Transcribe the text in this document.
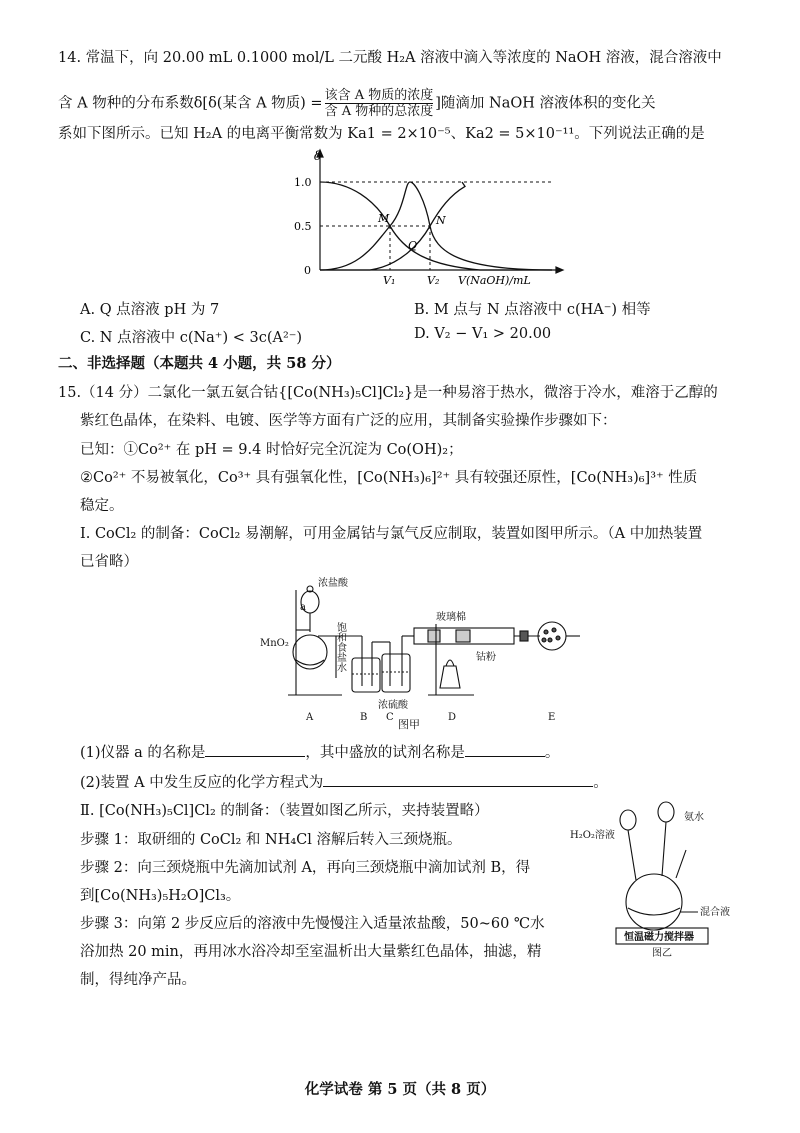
14. 常温下，向 20.00 mL 0.1000 mol/L 二元酸 H₂A 溶液中滴入等浓度的 NaOH 溶液，混合溶液中
含 A 物种的分布系数δ[δ(某含 A 物质) = $\frac{\text{该含 A 物质的浓度}}{\text{含 A 物种的总浓度}}$ ]随滴加 NaOH 溶液体积的变化关
系如下图所示。已知 H₂A 的电离平衡常数为 Ka1 = 2×10⁻⁵、Ka2 = 5×10⁻¹¹。下列说法正确的是
δ
0
0.5
1.0
V₁	V₂ V(NaOH)/mL
M	N
Q
A. Q 点溶液 pH 为 7	B. M 点与 N 点溶液中 c(HA⁻) 相等
C. N 点溶液中 c(Na⁺) < 3c(A²⁻)	D. V₂ − V₁ > 20.00
二、非选择题（本题共 4 小题，共 58 分）
15.（14 分）二氯化一氯五氨合钴{[Co(NH₃)₅Cl]Cl₂}是一种易溶于热水，微溶于冷水，难溶于乙醇的
紫红色晶体，在染料、电镀、医学等方面有广泛的应用，其制备实验操作步骤如下：
已知：①Co²⁺ 在 pH = 9.4 时恰好完全沉淀为 Co(OH)₂；
②Co²⁺ 不易被氧化，Co³⁺ 具有强氧化性，[Co(NH₃)₆]²⁺ 具有较强还原性，[Co(NH₃)₆]³⁺ 性质
稳定。
Ⅰ. CoCl₂ 的制备：CoCl₂ 易潮解，可用金属钴与氯气反应制取，装置如图甲所示。（A 中加热装置
已省略）
浓盐酸
a
MnO₂	饱和食盐水
玻璃棉
钴粉
浓硫酸
A	B C	D	E
图甲
(1)仪器 a 的名称是	，其中盛放的试剂名称是	。
(2)装置 A 中发生反应的化学方程式为	。
Ⅱ. [Co(NH₃)₅Cl]Cl₂ 的制备：（装置如图乙所示，夹持装置略）
步骤 1：取研细的 CoCl₂ 和 NH₄Cl 溶解后转入三颈烧瓶。
步骤 2：向三颈烧瓶中先滴加试剂 A，再向三颈烧瓶中滴加试剂 B，得
到[Co(NH₃)₅H₂O]Cl₃。
步骤 3：向第 2 步反应后的溶液中先慢慢注入适量浓盐酸，50~60 ℃水
浴加热 20 min，再用冰水浴冷却至室温析出大量紫红色晶体，抽滤，精
制，得纯净产品。
H₂O₂溶液
氨水
混合液
恒温磁力搅拌器
图乙
化学试卷 第 5 页（共 8 页）
